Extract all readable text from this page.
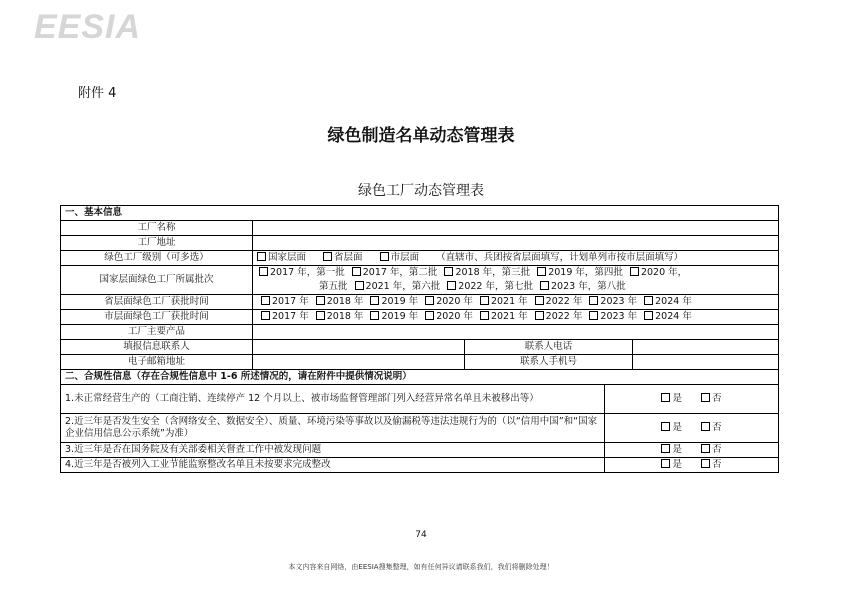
EESIA
附件 4
绿色制造名单动态管理表
绿色工厂动态管理表
一、基本信息				
工厂名称				
工厂地址				
绿色工厂级别（可多选）	国家层面 省层面 市层面 （直辖市、兵团按省层面填写，计划单列市按市层面填写）			
国家层面绿色工厂所属批次	2017 年，第一批 2017 年，第二批 2018 年，第三批 2019 年，第四批 2020 年，
第五批 2021 年，第六批 2022 年，第七批 2023 年，第八批			
省层面绿色工厂获批时间	2017 年 2018 年 2019 年 2020 年 2021 年 2022 年 2023 年 2024 年			
市层面绿色工厂获批时间	2017 年 2018 年 2019 年 2020 年 2021 年 2022 年 2023 年 2024 年			
工厂主要产品				
填报信息联系人		联系人电话		
电子邮箱地址		联系人手机号		
二、合规性信息（存在合规性信息中 1-6 所述情况的，请在附件中提供情况说明）				
1.未正常经营生产的（工商注销、连续停产 12 个月以上、被市场监督管理部门列入经营异常名单且未被移出等）			是 否	
2.近三年是否发生安全（含网络安全、数据安全）、质量、环境污染等事故以及偷漏税等违法违规行为的（以“信用中国”和“国家企业信用信息公示系统”为准）			是 否	
3.近三年是否在国务院及有关部委相关督查工作中被发现问题			是 否	
4.近三年是否被列入工业节能监察整改名单且未按要求完成整改			是 否	
74
本文内容来自网络，由EESIA搜集整理，如有任何异议请联系我们，我们将删除处理！
